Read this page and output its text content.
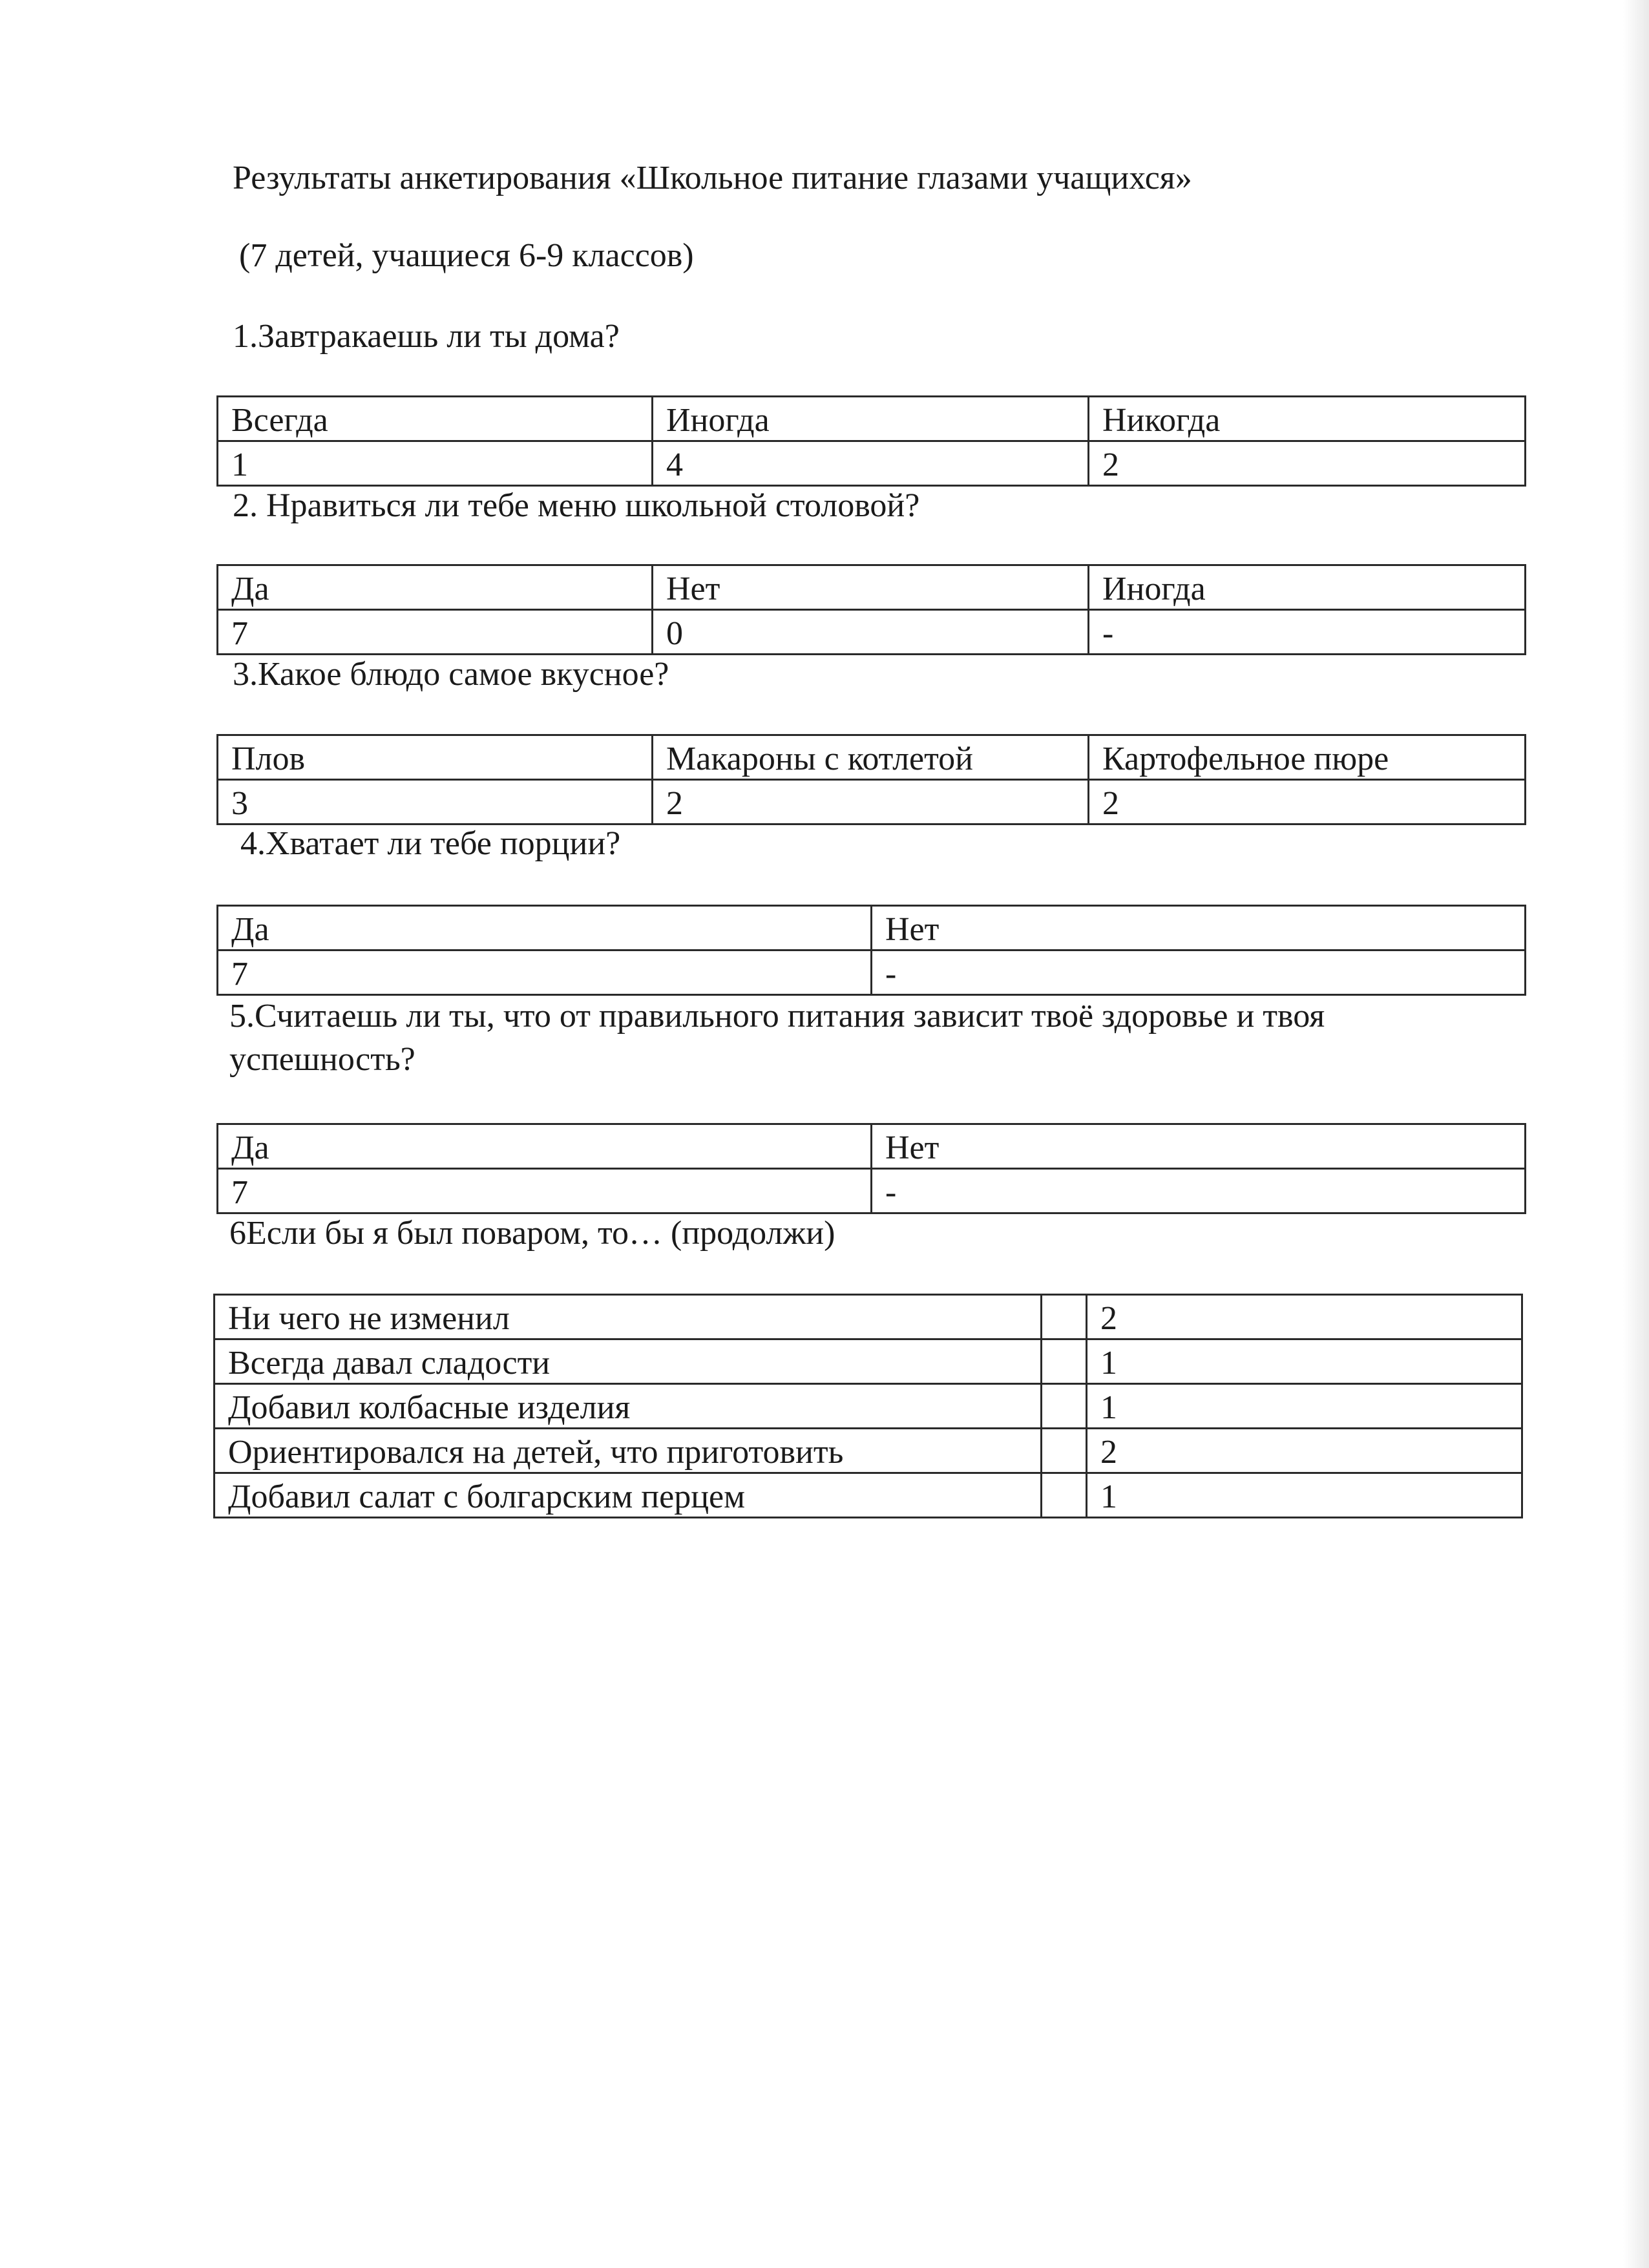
Результаты анкетирования «Школьное питание глазами учащихся»
(7 детей, учащиеся 6-9 классов)
1.Завтракаешь ли ты дома?
Всегда	Иногда	Никогда
1	4	2
2. Нравиться ли тебе меню школьной столовой?
Да	Нет	Иногда
7	0	-
3.Какое блюдо самое вкусное?
Плов	Макароны с котлетой	Картофельное пюре
3	2	2
4.Хватает ли тебе порции?
Да	Нет
7	-
5.Считаешь ли ты, что от правильного питания зависит твоё здоровье и твоя успешность?
Да	Нет
7	-
6Если бы я был поваром, то… (продолжи)
Ни чего не изменил		2
Всегда давал сладости		1
Добавил колбасные изделия		1
Ориентировался на детей, что приготовить		2
Добавил салат с болгарским перцем		1
